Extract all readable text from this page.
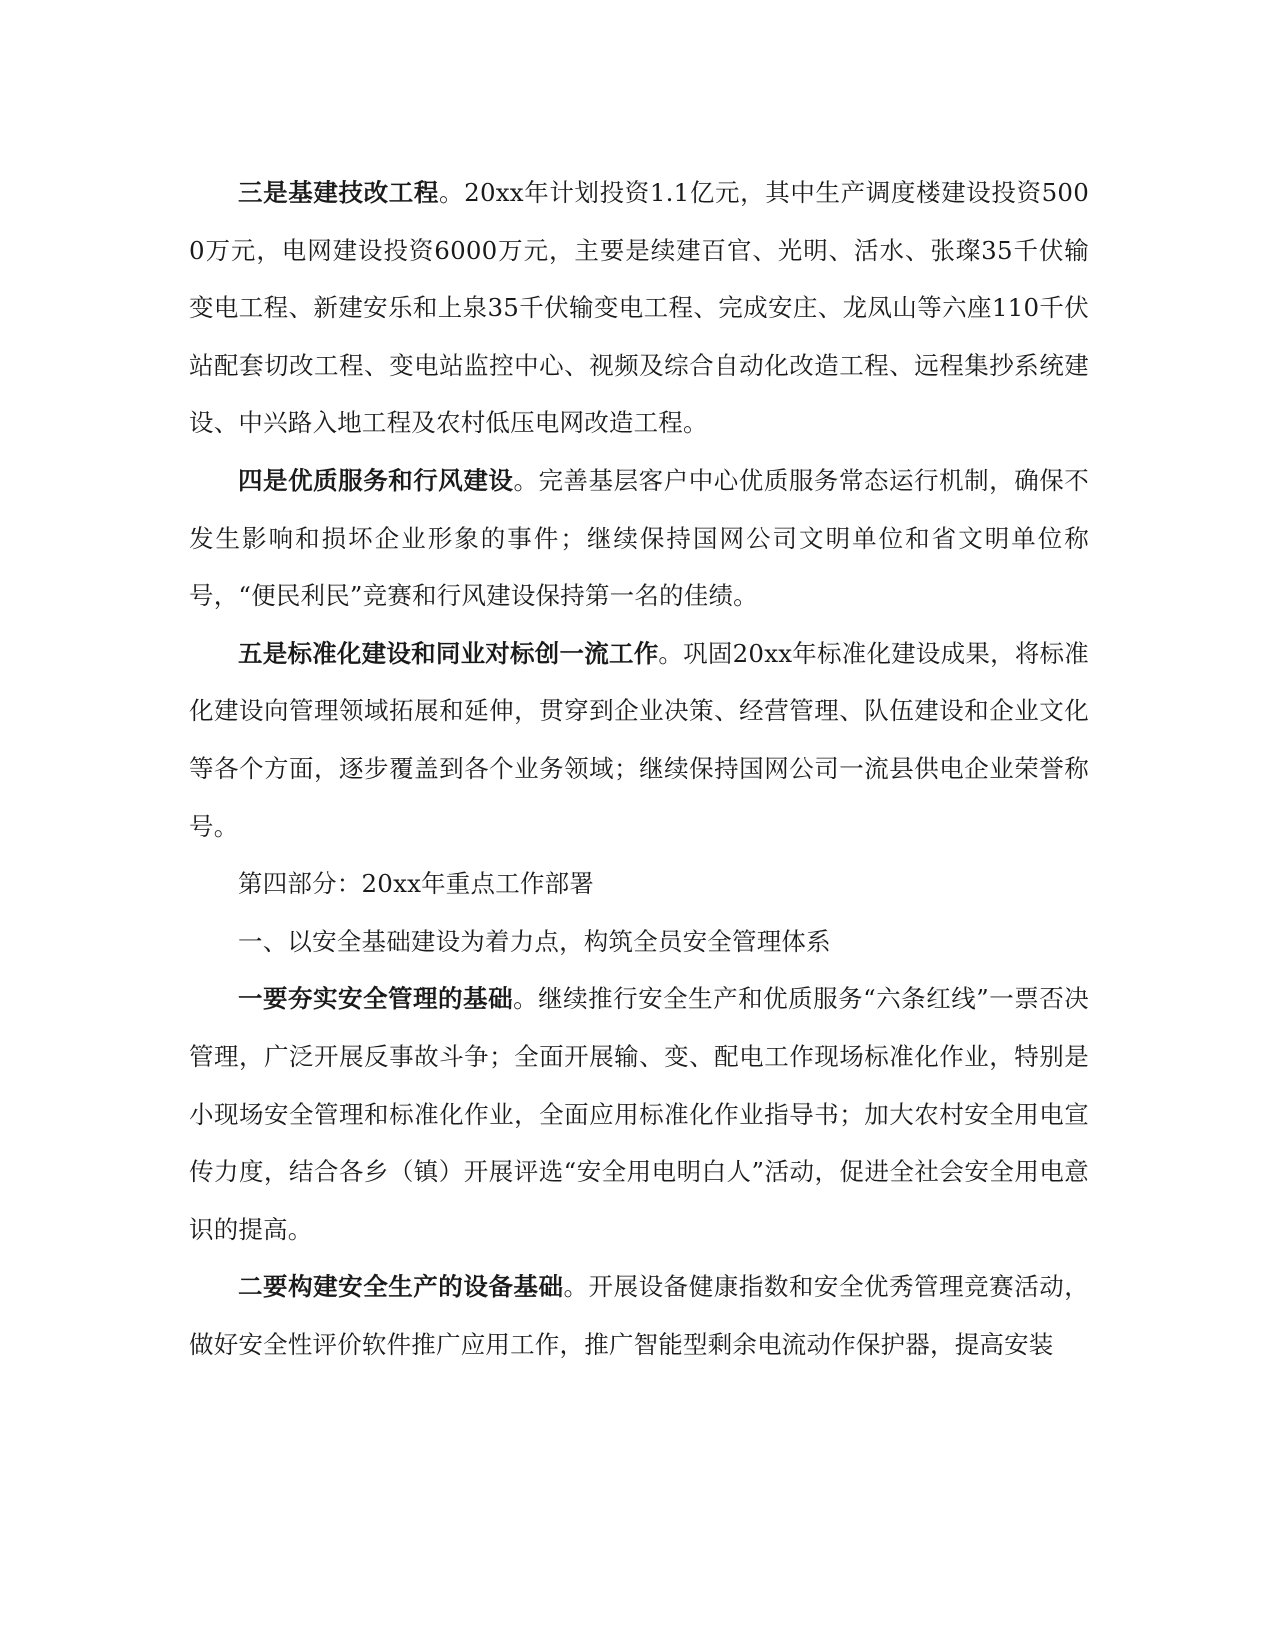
三是基建技改工程。20xx年计划投资1.1亿元，其中生产调度楼建设投资5000万元，电网建设投资6000万元，主要是续建百官、光明、活水、张璨35千伏输变电工程、新建安乐和上泉35千伏输变电工程、完成安庄、龙凤山等六座110千伏站配套切改工程、变电站监控中心、视频及综合自动化改造工程、远程集抄系统建设、中兴路入地工程及农村低压电网改造工程。

四是优质服务和行风建设。完善基层客户中心优质服务常态运行机制，确保不发生影响和损坏企业形象的事件；继续保持国网公司文明单位和省文明单位称号，“便民利民”竞赛和行风建设保持第一名的佳绩。

五是标准化建设和同业对标创一流工作。巩固20xx年标准化建设成果，将标准化建设向管理领域拓展和延伸，贯穿到企业决策、经营管理、队伍建设和企业文化等各个方面，逐步覆盖到各个业务领域；继续保持国网公司一流县供电企业荣誉称号。

第四部分：20xx年重点工作部署

一、以安全基础建设为着力点，构筑全员安全管理体系

一要夯实安全管理的基础。继续推行安全生产和优质服务“六条红线”一票否决管理，广泛开展反事故斗争；全面开展输、变、配电工作现场标准化作业，特别是小现场安全管理和标准化作业，全面应用标准化作业指导书；加大农村安全用电宣传力度，结合各乡（镇）开展评选“安全用电明白人”活动，促进全社会安全用电意识的提高。

二要构建安全生产的设备基础。开展设备健康指数和安全优秀管理竞赛活动，做好安全性评价软件推广应用工作，推广智能型剩余电流动作保护器，提高安装
